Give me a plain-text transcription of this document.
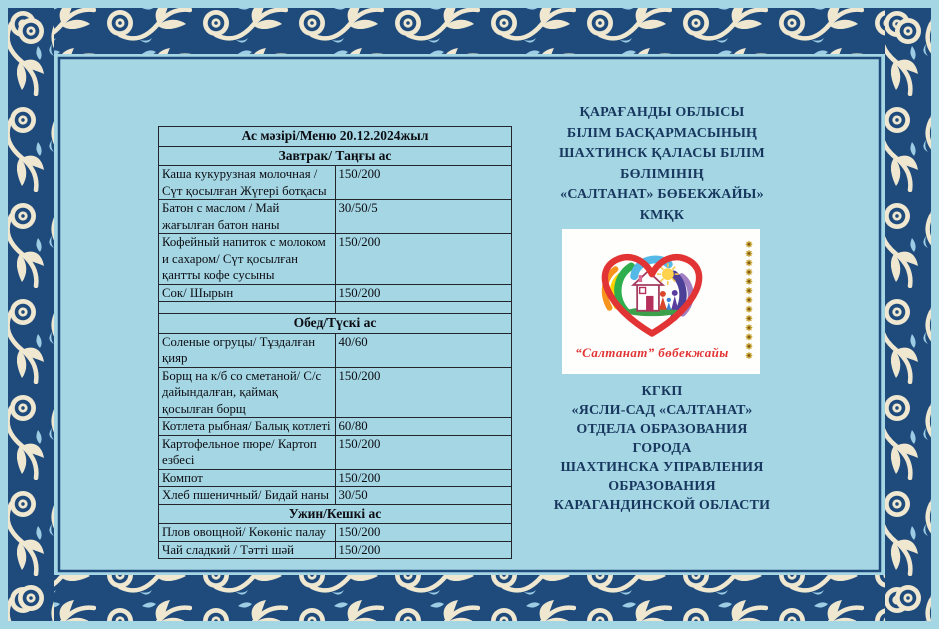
Ас мәзірі/Меню 20.12.2024жыл	
Завтрак/ Таңғы ас	
Каша кукурузная молочная / Сүт қосылған Жүгері ботқасы	150/200
Батон с маслом / Май жағылған батон наны	30/50/5
Кофейный напиток с молоком и сахаром/ Сүт қосылған қантты кофе сусыны	150/200
Сок/ Шырын	150/200

Обед/Түскі ас	
Соленые огруцы/ Тұздалған қияр	40/60
Борщ на к/б со сметаной/ С/с дайындалған, қаймақ қосылған борщ	150/200
Котлета рыбная/ Балық котлеті	60/80
Картофельное пюре/ Картоп езбесі	150/200
Компот	150/200
Хлеб пшеничный/ Бидай наны	30/50
Ужин/Кешкі ас	
Плов овощной/ Көкөніс палау	150/200
Чай сладкий / Тәтті шәй	150/200
ҚАРАҒАНДЫ ОБЛЫСЫ
БІЛІМ БАСҚАРМАСЫНЫҢ
ШАХТИНСК ҚАЛАСЫ БІЛІМ
БӨЛІМІНІҢ
«САЛТАНАТ» БӨБЕКЖАЙЫ»
КМҚК
“Салтанат” бөбекжайы
КГКП
«ЯСЛИ-САД «САЛТАНАТ»
ОТДЕЛА ОБРАЗОВАНИЯ
ГОРОДА
ШАХТИНСКА УПРАВЛЕНИЯ
ОБРАЗОВАНИЯ
КАРАГАНДИНСКОЙ ОБЛАСТИ
